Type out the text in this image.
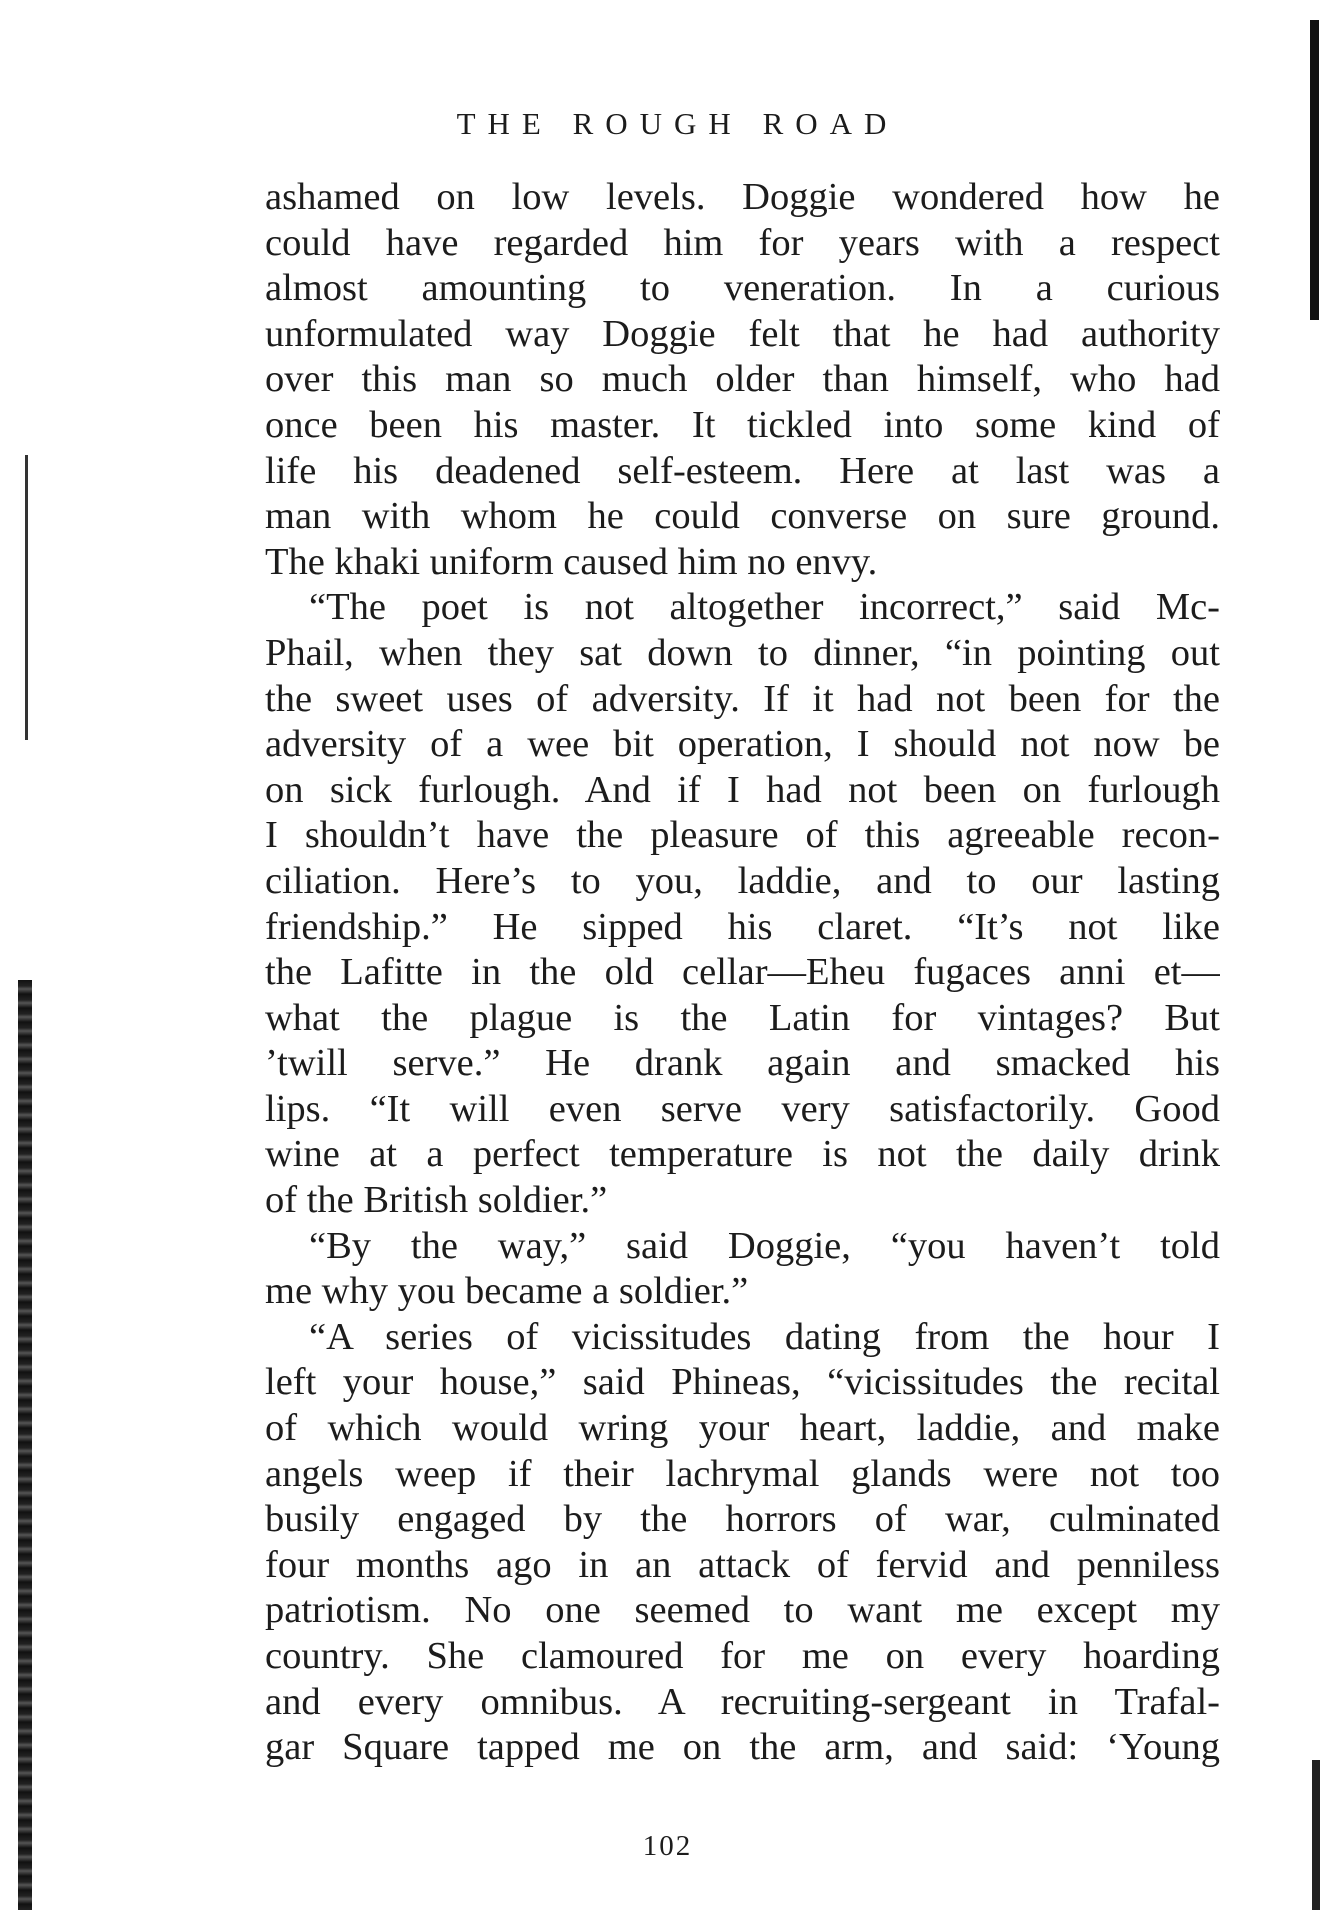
THE ROUGH ROAD
ashamed on low levels. Doggie wondered how he
could have regarded him for years with a respect
almost amounting to veneration. In a curious
unformulated way Doggie felt that he had authority
over this man so much older than himself, who had
once been his master. It tickled into some kind of
life his deadened self-esteem. Here at last was a
man with whom he could converse on sure ground.
The khaki uniform caused him no envy.
“The poet is not altogether incorrect,” said Mc-
Phail, when they sat down to dinner, “in pointing out
the sweet uses of adversity. If it had not been for the
adversity of a wee bit operation, I should not now be
on sick furlough. And if I had not been on furlough
I shouldn’t have the pleasure of this agreeable recon-
ciliation. Here’s to you, laddie, and to our lasting
friendship.” He sipped his claret. “It’s not like
the Lafitte in the old cellar—Eheu fugaces anni et—
what the plague is the Latin for vintages? But
’twill serve.” He drank again and smacked his
lips. “It will even serve very satisfactorily. Good
wine at a perfect temperature is not the daily drink
of the British soldier.”
“By the way,” said Doggie, “you haven’t told
me why you became a soldier.”
“A series of vicissitudes dating from the hour I
left your house,” said Phineas, “vicissitudes the recital
of which would wring your heart, laddie, and make
angels weep if their lachrymal glands were not too
busily engaged by the horrors of war, culminated
four months ago in an attack of fervid and penniless
patriotism. No one seemed to want me except my
country. She clamoured for me on every hoarding
and every omnibus. A recruiting-sergeant in Trafal-
gar Square tapped me on the arm, and said: ‘Young
102
